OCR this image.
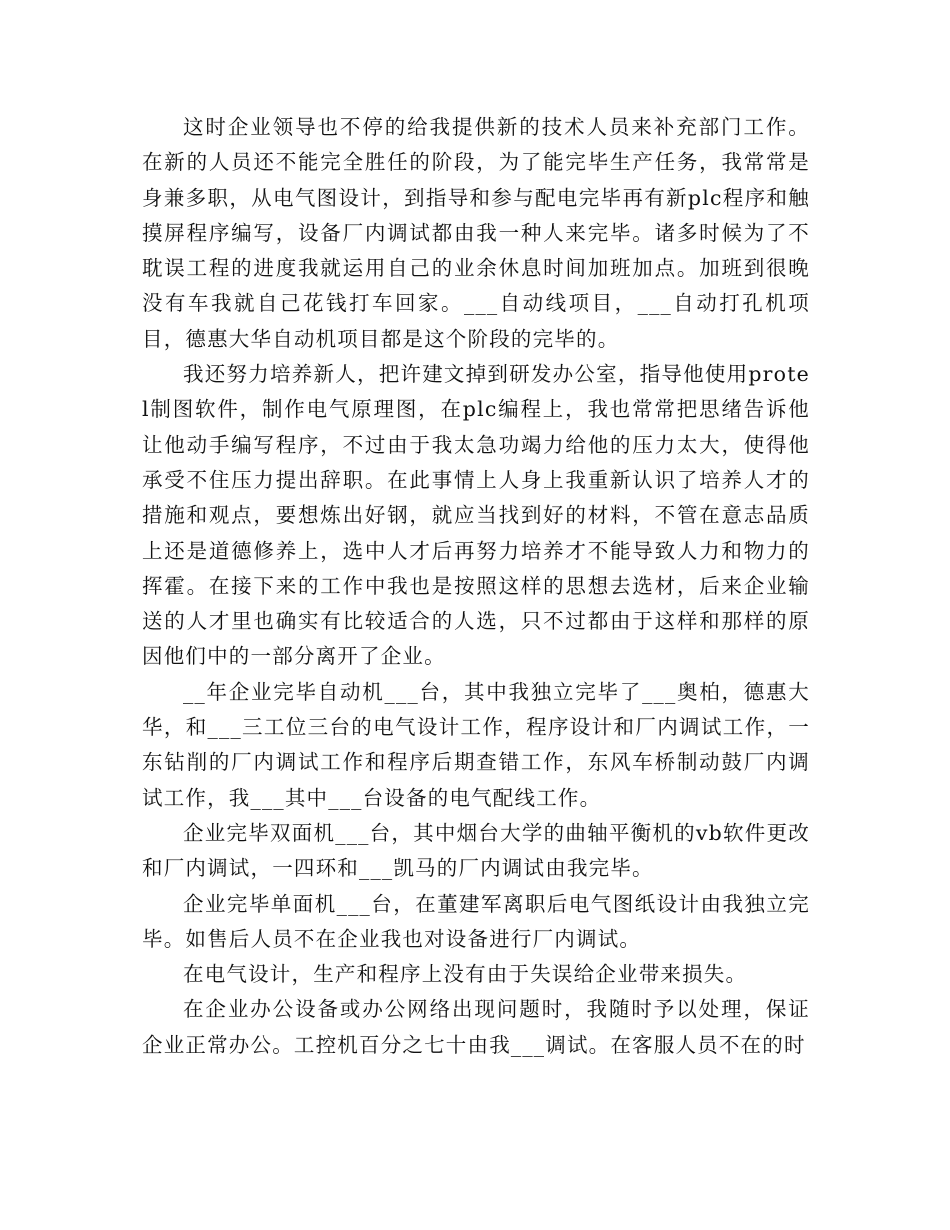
这时企业领导也不停的给我提供新的技术人员来补充部门工作。在新的人员还不能完全胜任的阶段，为了能完毕生产任务，我常常是身兼多职，从电气图设计，到指导和参与配电完毕再有新plc程序和触摸屏程序编写，设备厂内调试都由我一种人来完毕。诸多时候为了不耽误工程的进度我就运用自己的业余休息时间加班加点。加班到很晚没有车我就自己花钱打车回家。___自动线项目，___自动打孔机项目，德惠大华自动机项目都是这个阶段的完毕的。

我还努力培养新人，把许建文掉到研发办公室，指导他使用protel制图软件，制作电气原理图，在plc编程上，我也常常把思绪告诉他让他动手编写程序，不过由于我太急功竭力给他的压力太大，使得他承受不住压力提出辞职。在此事情上人身上我重新认识了培养人才的措施和观点，要想炼出好钢，就应当找到好的材料，不管在意志品质上还是道德修养上，选中人才后再努力培养才不能导致人力和物力的挥霍。在接下来的工作中我也是按照这样的思想去选材，后来企业输送的人才里也确实有比较适合的人选，只不过都由于这样和那样的原因他们中的一部分离开了企业。

__年企业完毕自动机___台，其中我独立完毕了___奥柏，德惠大华，和___三工位三台的电气设计工作，程序设计和厂内调试工作，一东钻削的厂内调试工作和程序后期查错工作，东风车桥制动鼓厂内调试工作，我___其中___台设备的电气配线工作。

企业完毕双面机___台，其中烟台大学的曲轴平衡机的vb软件更改和厂内调试，一四环和___凯马的厂内调试由我完毕。

企业完毕单面机___台，在董建军离职后电气图纸设计由我独立完毕。如售后人员不在企业我也对设备进行厂内调试。

在电气设计，生产和程序上没有由于失误给企业带来损失。

在企业办公设备或办公网络出现问题时，我随时予以处理，保证企业正常办公。工控机百分之七十由我___调试。在客服人员不在的时
